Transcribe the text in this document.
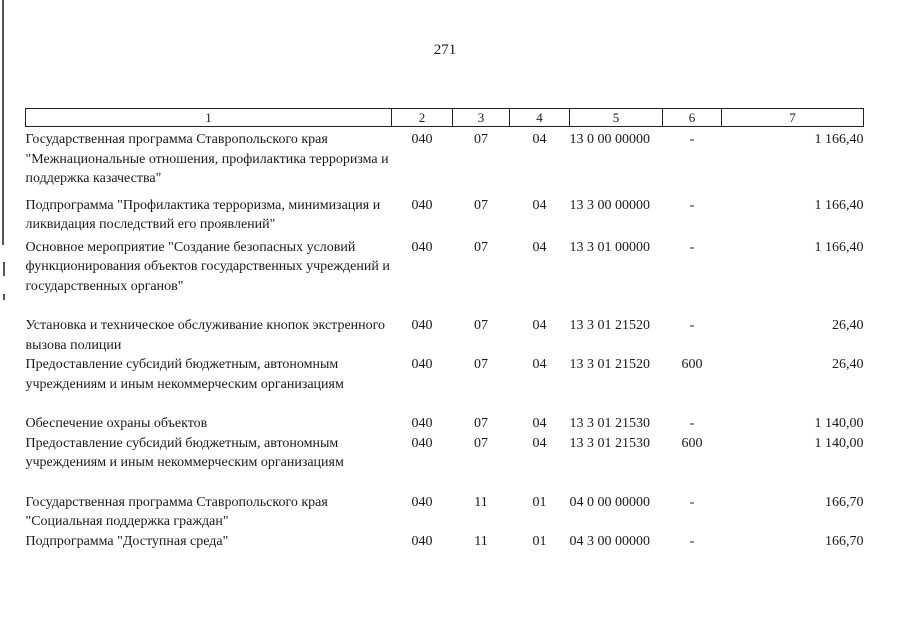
271
1	2	3	4	5	6	7
Государственная программа Ставропольского края "Межнациональные отношения, профилактика терроризма и поддержка казачества"	040	07	04	13 0 00 00000	-	1 166,40
Подпрограмма "Профилактика терроризма, минимизация и ликвидация последствий его проявлений"	040	07	04	13 3 00 00000	-	1 166,40
Основное мероприятие "Создание безопасных условий функционирования объектов государственных учреждений и государственных органов"	040	07	04	13 3 01 00000	-	1 166,40
Установка и техническое обслуживание кнопок экстренного вызова полиции	040	07	04	13 3 01 21520	-	26,40
Предоставление субсидий бюджетным, автономным учреждениям и иным некоммерческим организациям	040	07	04	13 3 01 21520	600	26,40
Обеспечение охраны объектов	040	07	04	13 3 01 21530	-	1 140,00
Предоставление субсидий бюджетным, автономным учреждениям и иным некоммерческим организациям	040	07	04	13 3 01 21530	600	1 140,00
Государственная программа Ставропольского края "Социальная поддержка граждан"	040	11	01	04 0 00 00000	-	166,70
Подпрограмма "Доступная среда"	040	11	01	04 3 00 00000	-	166,70
